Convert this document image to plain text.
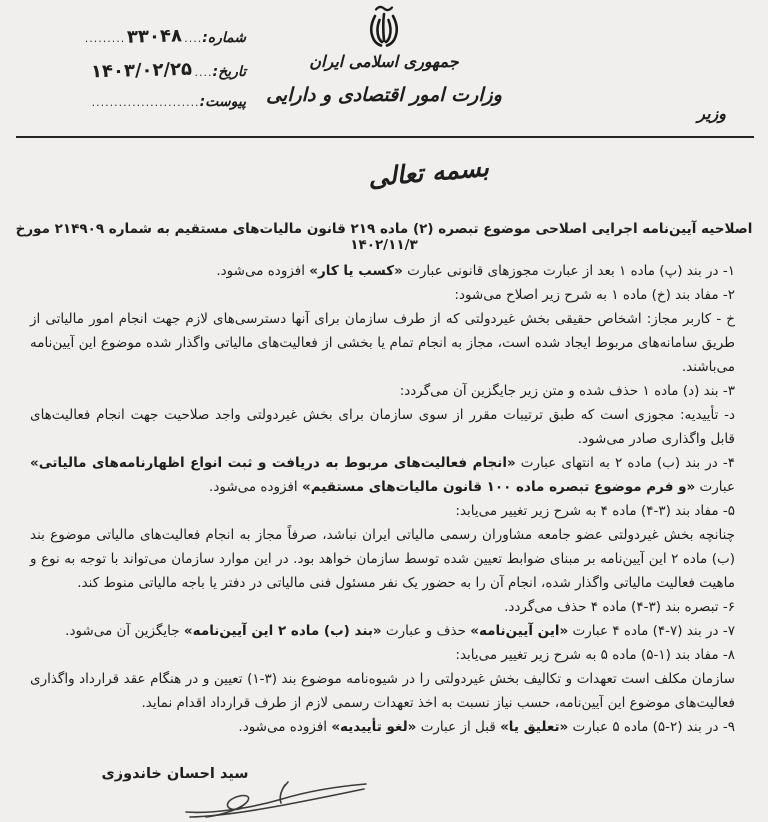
شماره:
....
۳۳۰۴۸
.........
تاریخ:
....
۱۴۰۳/۰۲/۲۵
پیوست:
........................
جمهوری اسلامی ایران
وزارت امور اقتصادی و دارایی
وزیر
بسمه تعالی
اصلاحیه آیین‌نامه اجرایی اصلاحی موضوع تبصره (۲) ماده ۲۱۹ قانون مالیات‌های مستقیم به شماره ۲۱۴۹۰۹ مورخ ۱۴۰۲/۱۱/۳

۱- در بند (پ) ماده ۱ بعد از عبارت مجوزهای قانونی عبارت «کسب یا کار» افزوده می‌شود.

۲- مفاد بند (خ) ماده ۱ به شرح زیر اصلاح می‌شود:

خ - کاربر مجاز: اشخاص حقیقی بخش غیردولتی که از طرف سازمان برای آنها دسترسی‌های لازم جهت انجام امور مالیاتی از طریق سامانه‌های مربوط ایجاد شده است، مجاز به انجام تمام یا بخشی از فعالیت‌های مالیاتی واگذار شده موضوع این آیین‌نامه می‌باشند.

۳- بند (د) ماده ۱ حذف شده و متن زیر جایگزین آن می‌گردد:

د- تأییدیه: مجوزی است که طبق ترتیبات مقرر از سوی سازمان برای بخش غیردولتی واجد صلاحیت جهت انجام فعالیت‌های قابل واگذاری صادر می‌شود.

۴- در بند (ب) ماده ۲ به انتهای عبارت «انجام فعالیت‌های مربوط به دریافت و ثبت انواع اظهارنامه‌های مالیاتی» عبارت «و فرم موضوع تبصره ماده ۱۰۰ قانون مالیات‌های مستقیم» افزوده می‌شود.

۵- مفاد بند (۳-۴) ماده ۴ به شرح زیر تغییر می‌یابد:

چنانچه بخش غیردولتی عضو جامعه مشاوران رسمی مالیاتی ایران نباشد، صرفاً مجاز به انجام فعالیت‌های مالیاتی موضوع بند (ب) ماده ۲ این آیین‌نامه بر مبنای ضوابط تعیین شده توسط سازمان خواهد بود. در این موارد سازمان می‌تواند با توجه به نوع و ماهیت فعالیت مالیاتی واگذار شده، انجام آن را به حضور یک نفر مسئول فنی مالیاتی در دفتر یا باجه مالیاتی منوط کند.

۶- تبصره بند (۳-۴) ماده ۴ حذف می‌گردد.

۷- در بند (۷-۴) ماده ۴ عبارت «این آیین‌نامه» حذف و عبارت «بند (ب) ماده ۲ این آیین‌نامه» جایگزین آن می‌شود.

۸- مفاد بند (۱-۵) ماده ۵ به شرح زیر تغییر می‌یابد:

سازمان مکلف است تعهدات و تکالیف بخش غیردولتی را در شیوه‌نامه موضوع بند (۳-۱) تعیین و در هنگام عقد قرارداد واگذاری فعالیت‌های موضوع این آیین‌نامه، حسب نیاز نسبت به اخذ تعهدات رسمی لازم از طرف قرارداد اقدام نماید.

۹- در بند (۲-۵) ماده ۵ عبارت «تعلیق یا» قبل از عبارت «لغو تأییدیه» افزوده می‌شود.

سید احسان خاندوزی
